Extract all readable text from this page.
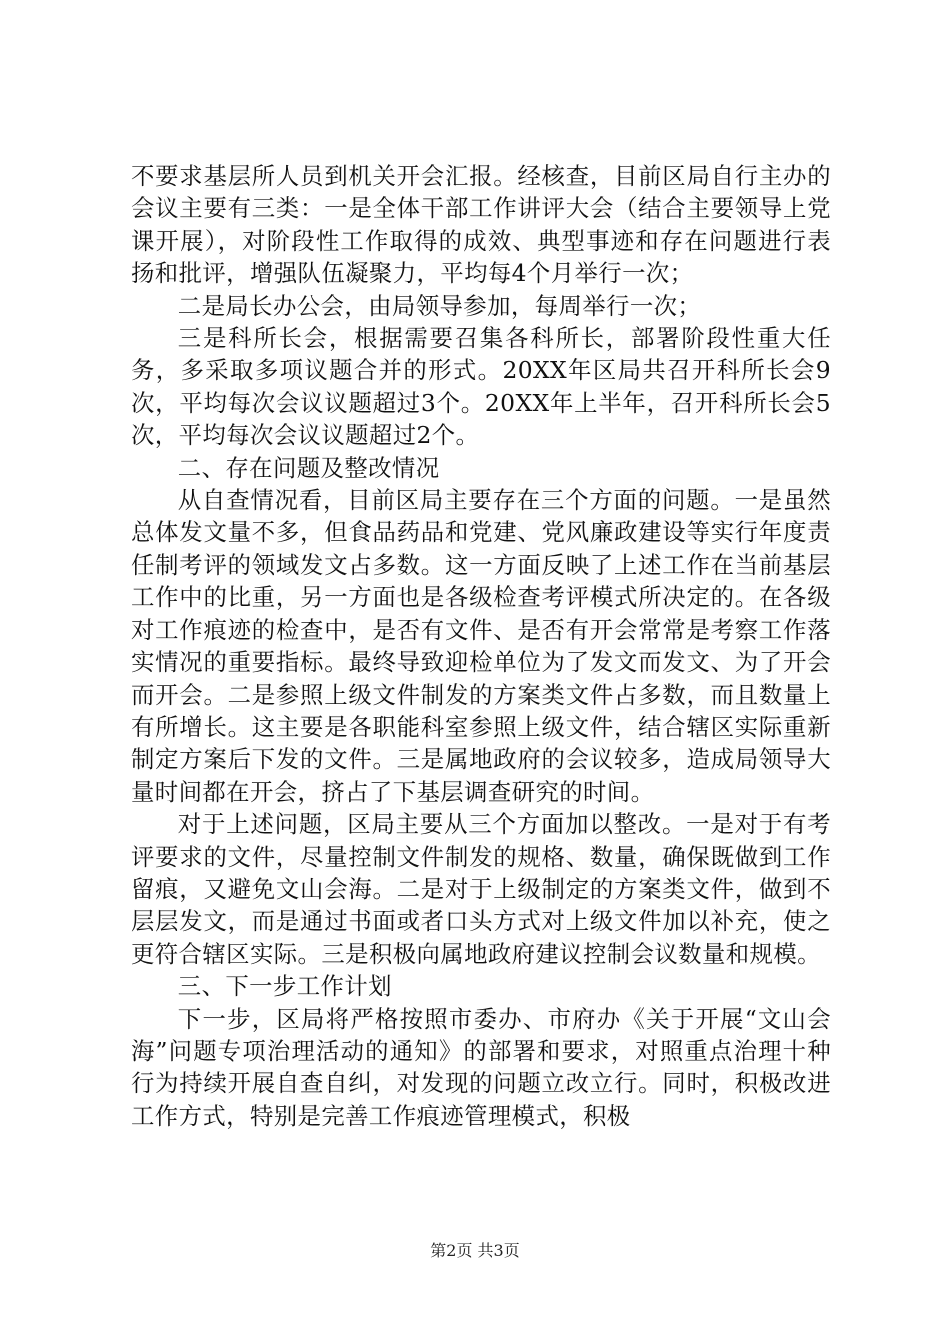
不要求基层所人员到机关开会汇报。经核查，目前区局自行主办的会议主要有三类：一是全体干部工作讲评大会（结合主要领导上党课开展），对阶段性工作取得的成效、典型事迹和存在问题进行表扬和批评，增强队伍凝聚力，平均每4个月举行一次；

二是局长办公会，由局领导参加，每周举行一次；

三是科所长会，根据需要召集各科所长，部署阶段性重大任务，多采取多项议题合并的形式。20XX年区局共召开科所长会9次，平均每次会议议题超过3个。20XX年上半年，召开科所长会5次，平均每次会议议题超过2个。

二、存在问题及整改情况

从自查情况看，目前区局主要存在三个方面的问题。一是虽然总体发文量不多，但食品药品和党建、党风廉政建设等实行年度责任制考评的领域发文占多数。这一方面反映了上述工作在当前基层工作中的比重，另一方面也是各级检查考评模式所决定的。在各级对工作痕迹的检查中，是否有文件、是否有开会常常是考察工作落实情况的重要指标。最终导致迎检单位为了发文而发文、为了开会而开会。二是参照上级文件制发的方案类文件占多数，而且数量上有所增长。这主要是各职能科室参照上级文件，结合辖区实际重新制定方案后下发的文件。三是属地政府的会议较多，造成局领导大量时间都在开会，挤占了下基层调查研究的时间。

对于上述问题，区局主要从三个方面加以整改。一是对于有考评要求的文件，尽量控制文件制发的规格、数量，确保既做到工作留痕，又避免文山会海。二是对于上级制定的方案类文件，做到不层层发文，而是通过书面或者口头方式对上级文件加以补充，使之更符合辖区实际。三是积极向属地政府建议控制会议数量和规模。

三、下一步工作计划

下一步，区局将严格按照市委办、市府办《关于开展“文山会海”问题专项治理活动的通知》的部署和要求，对照重点治理十种行为持续开展自查自纠，对发现的问题立改立行。同时，积极改进工作方式，特别是完善工作痕迹管理模式，积极

第2页 共3页
